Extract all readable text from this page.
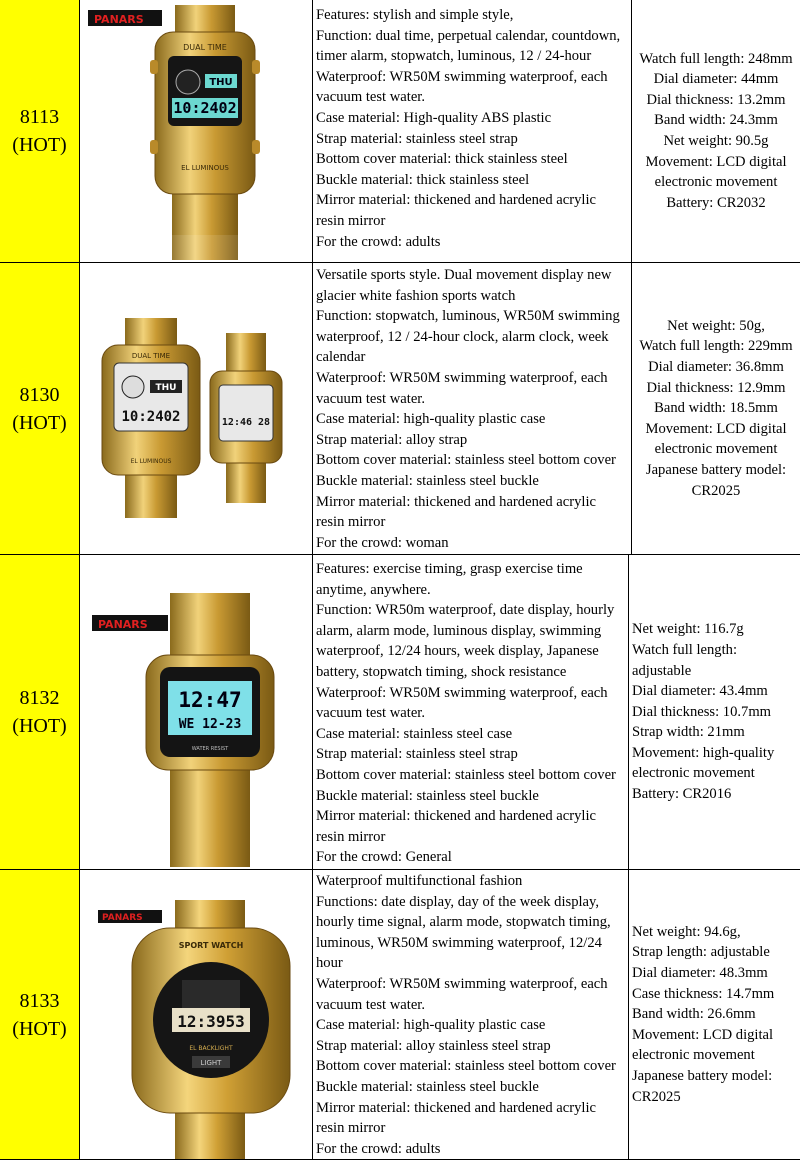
8113
(HOT)
PANARS
DUAL TIME
THU
10:2402
EL LUMINOUS
Features: stylish and simple style,
Function: dual time, perpetual calendar, countdown,
timer alarm, stopwatch, luminous, 12 / 24-hour
Waterproof: WR50M swimming waterproof, each
vacuum test water.
Case material: High-quality ABS plastic
Strap material: stainless steel strap
Bottom cover material: thick stainless steel
Buckle material: thick stainless steel
Mirror material: thickened and hardened acrylic
resin mirror
For the crowd: adults
Watch full length: 248mm
Dial diameter: 44mm
Dial thickness: 13.2mm
Band width: 24.3mm
Net weight: 90.5g
Movement: LCD digital
electronic movement
Battery: CR2032
8130
(HOT)
DUAL TIME
THU
10:2402
EL LUMINOUS
12:46 28
Versatile sports style. Dual movement display new
glacier white fashion sports watch
Function: stopwatch, luminous, WR50M swimming
waterproof, 12 / 24-hour clock, alarm clock, week
calendar
Waterproof: WR50M swimming waterproof, each
vacuum test water.
Case material: high-quality plastic case
Strap material: alloy strap
Bottom cover material: stainless steel bottom cover
Buckle material: stainless steel buckle
Mirror material: thickened and hardened acrylic
resin mirror
For the crowd: woman
Net weight: 50g,
Watch full length: 229mm
Dial diameter: 36.8mm
Dial thickness: 12.9mm
Band width: 18.5mm
Movement: LCD digital
electronic movement
Japanese battery model:
CR2025
8132
(HOT)
PANARS
12:47
WE 12-23
WATER RESIST
Features: exercise timing, grasp exercise time
anytime, anywhere.
Function: WR50m waterproof, date display, hourly
alarm, alarm mode, luminous display, swimming
waterproof, 12/24 hours, week display, Japanese
battery, stopwatch timing, shock resistance
Waterproof: WR50M swimming waterproof, each
vacuum test water.
Case material: stainless steel case
Strap material: stainless steel strap
Bottom cover material: stainless steel bottom cover
Buckle material: stainless steel buckle
Mirror material: thickened and hardened acrylic
resin mirror
For the crowd: General
Net weight: 116.7g
Watch full length:
adjustable
Dial diameter: 43.4mm
Dial thickness: 10.7mm
Strap width: 21mm
Movement: high-quality
electronic movement
Battery: CR2016
8133
(HOT)
PANARS
SPORT WATCH
12:3953
EL BACKLIGHT
LIGHT
Waterproof multifunctional fashion
Functions: date display, day of the week display,
hourly time signal, alarm mode, stopwatch timing,
luminous, WR50M swimming waterproof, 12/24
hour
Waterproof: WR50M swimming waterproof, each
vacuum test water.
Case material: high-quality plastic case
Strap material: alloy stainless steel strap
Bottom cover material: stainless steel bottom cover
Buckle material: stainless steel buckle
Mirror material: thickened and hardened acrylic
resin mirror
For the crowd: adults
Net weight: 94.6g,
Strap length: adjustable
Dial diameter: 48.3mm
Case thickness: 14.7mm
Band width: 26.6mm
Movement: LCD digital
electronic movement
Japanese battery model:
CR2025
